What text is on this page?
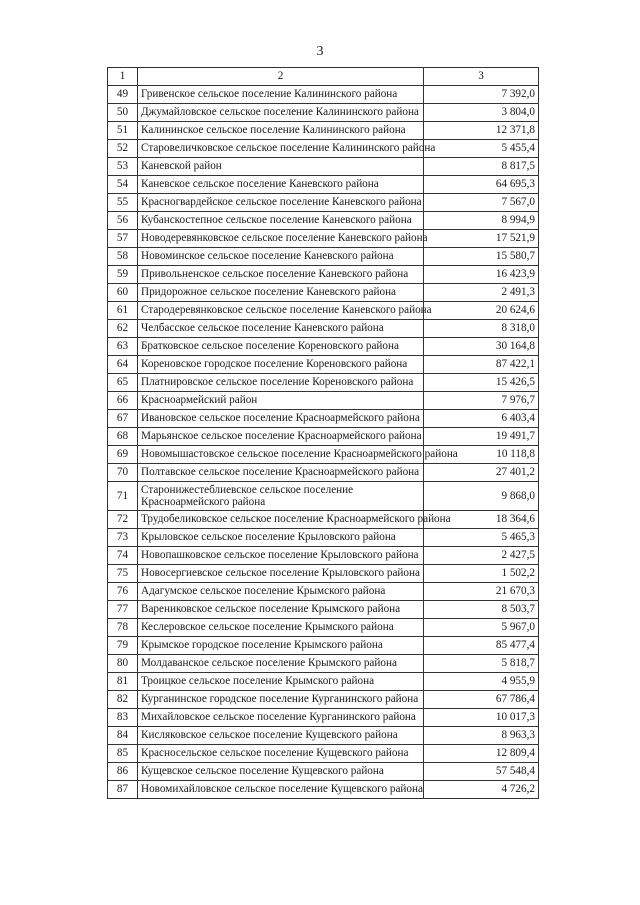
3
1	2	3
49	Гривенское сельское поселение Калининского района	7 392,0
50	Джумайловское сельское поселение Калининского района	3 804,0
51	Калининское сельское поселение Калининского района	12 371,8
52	Старовеличковское сельское поселение Калининского района	5 455,4
53	Каневской район	8 817,5
54	Каневское сельское поселение Каневского района	64 695,3
55	Красногвардейское сельское поселение Каневского района	7 567,0
56	Кубанскостепное сельское поселение Каневского района	8 994,9
57	Новодеревянковское сельское поселение Каневского района	17 521,9
58	Новоминское сельское поселение Каневского района	15 580,7
59	Привольненское сельское поселение Каневского района	16 423,9
60	Придорожное сельское поселение Каневского района	2 491,3
61	Стародеревянковское сельское поселение Каневского района	20 624,6
62	Челбасское сельское поселение Каневского района	8 318,0
63	Братковское сельское поселение Кореновского района	30 164,8
64	Кореновское городское поселение Кореновского района	87 422,1
65	Платнировское сельское поселение Кореновского района	15 426,5
66	Красноармейский район	7 976,7
67	Ивановское сельское поселение Красноармейского района	6 403,4
68	Марьянское сельское поселение Красноармейского района	19 491,7
69	Новомышастовское сельское поселение Красноармейского района	10 118,8
70	Полтавское сельское поселение Красноармейского района	27 401,2
71	Старонижестеблиевское сельское поселение Красноармейского района	9 868,0
72	Трудобеликовское сельское поселение Красноармейского района	18 364,6
73	Крыловское сельское поселение Крыловского района	5 465,3
74	Новопашковское сельское поселение Крыловского района	2 427,5
75	Новосергиевское сельское поселение Крыловского района	1 502,2
76	Адагумское сельское поселение Крымского района	21 670,3
77	Варениковское сельское поселение Крымского района	8 503,7
78	Кеслеровское сельское поселение Крымского района	5 967,0
79	Крымское городское поселение Крымского района	85 477,4
80	Молдаванское сельское поселение Крымского района	5 818,7
81	Троицкое сельское поселение Крымского района	4 955,9
82	Курганинское городское поселение Курганинского района	67 786,4
83	Михайловское сельское поселение Курганинского района	10 017,3
84	Кисляковское сельское поселение Кущевского района	8 963,3
85	Красносельское сельское поселение Кущевского района	12 809,4
86	Кущевское сельское поселение Кущевского района	57 548,4
87	Новомихайловское сельское поселение Кущевского района	4 726,2
